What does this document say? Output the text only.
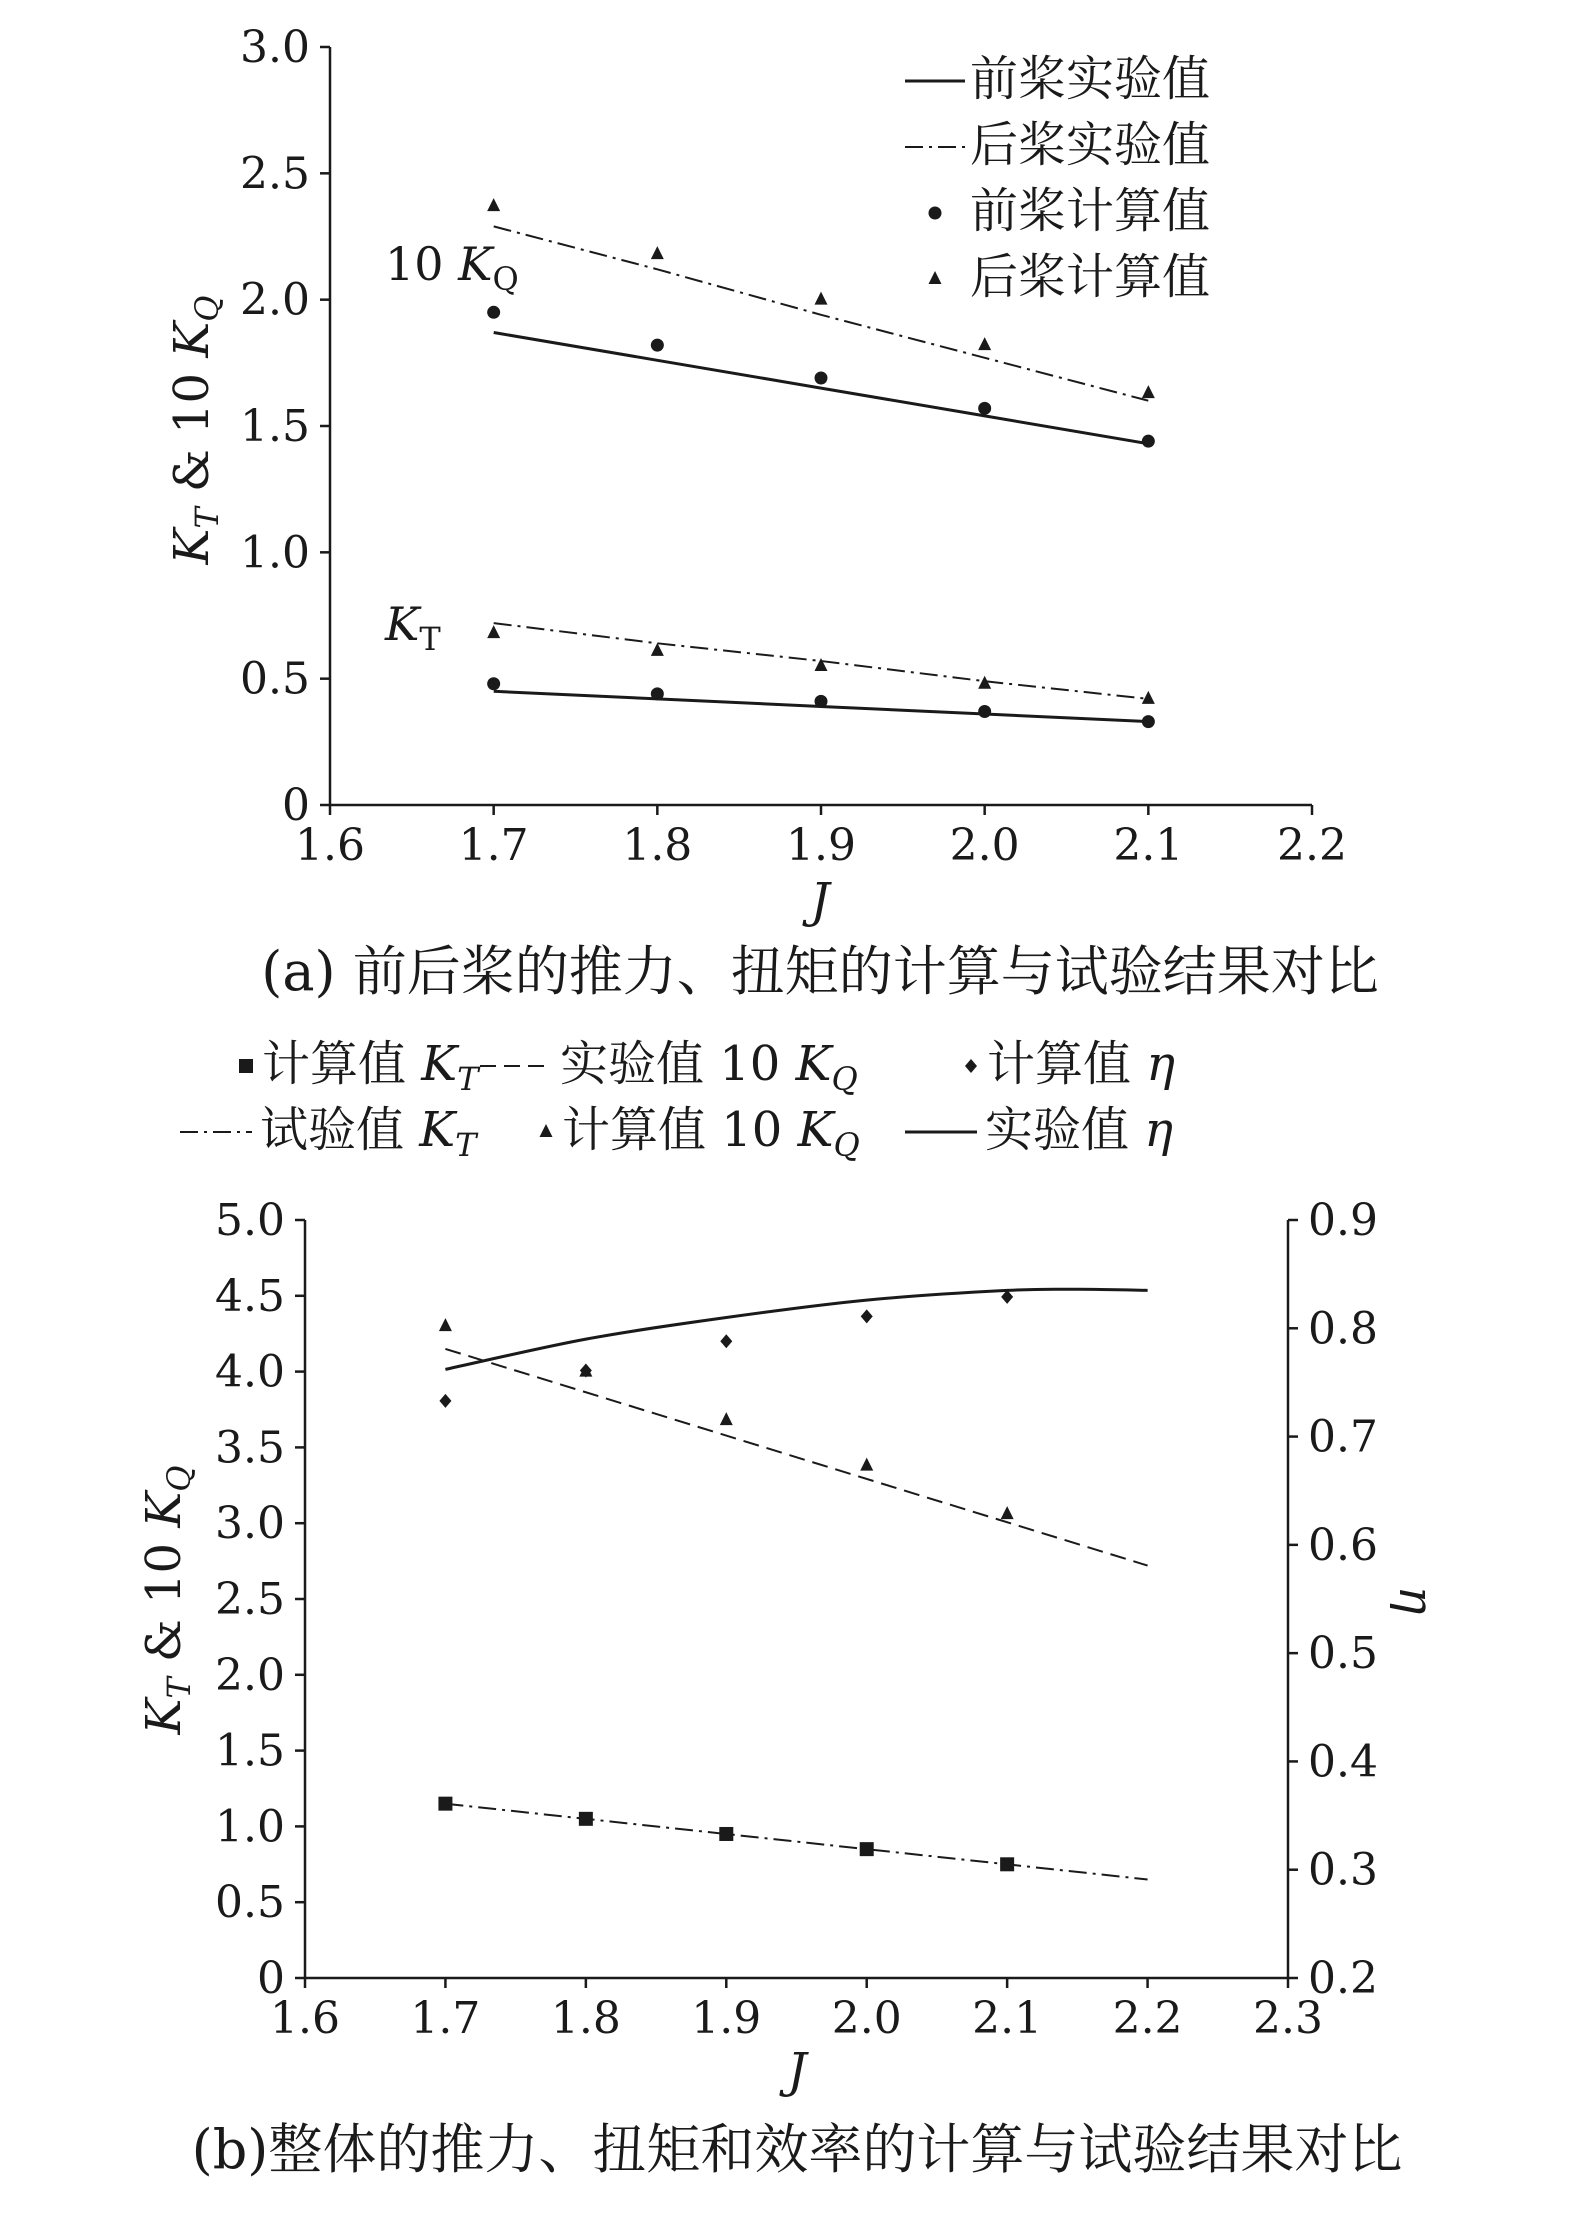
0
0.5
1.0
1.5
2.0
2.5
3.0
1.6 1.7 1.8 1.9 2.0 2.1 2.2
10 $K_Q$
$K_T$
前桨实验值
后桨实验值
前桨计算值
后桨计算值
$K_T$ & 10 $K_Q$
J
(a) 前后桨的推力、扭矩的计算与试验结果对比
计算值 $K_T$ 实验值 10 $K_Q$	计算值 η
试验值 $K_T$ 计算值 10 $K_Q$	实验值 η
0
0.5
1.0
1.5
2.0
2.5
3.0
3.5
4.0
4.5
5.0
0.2
0.3
0.4
0.5
0.6
0.7
0.8
0.9
1.6 1.7 1.8 1.9 2.0 2.1 2.2 2.3
$K_T$ & 10 $K_Q$
η
J
(b)整体的推力、扭矩和效率的计算与试验结果对比
